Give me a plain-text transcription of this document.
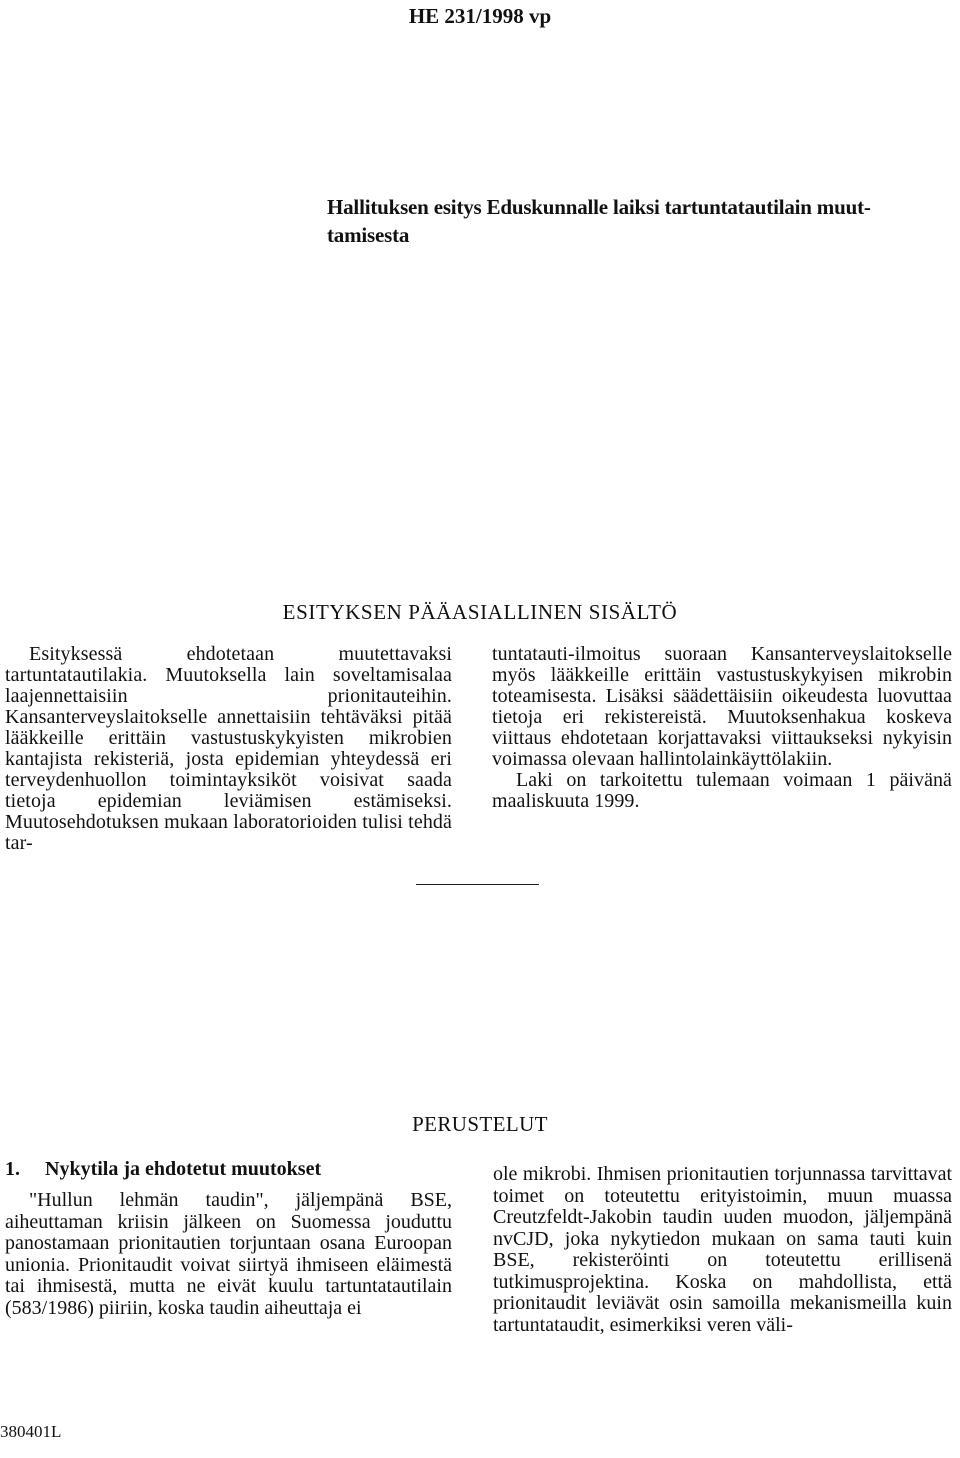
HE 231/1998 vp
Hallituksen esitys Eduskunnalle laiksi tartuntatautilain muut-
tamisesta
ESITYKSEN PÄÄASIALLINEN SISÄLTÖ
Esityksessä ehdotetaan muutettavaksi tartuntatautilakia. Muutoksella lain soveltamisalaa laajennettaisiin prionitauteihin. Kansanterveyslaitokselle annettaisiin tehtäväksi pitää lääkkeille erittäin vastustuskykyisten mikrobien kantajista rekisteriä, josta epidemian yhteydessä eri terveydenhuollon toimintayksiköt voisivat saada tietoja epidemian leviämisen estämiseksi. Muutosehdotuksen mukaan laboratorioiden tulisi tehdä tar-

tuntatauti-ilmoitus suoraan Kansanterveyslaitokselle myös lääkkeille erittäin vastustuskykyisen mikrobin toteamisesta. Lisäksi säädettäisiin oikeudesta luovuttaa tietoja eri rekistereistä. Muutoksenhakua koskeva viittaus ehdotetaan korjattavaksi viittaukseksi nykyisin voimassa olevaan hallintolainkäyttölakiin.

Laki on tarkoitettu tulemaan voimaan 1 päivänä maaliskuuta 1999.

PERUSTELUT
1. Nykytila ja ehdotetut muutokset
"Hullun lehmän taudin", jäljempänä BSE, aiheuttaman kriisin jälkeen on Suomessa jouduttu panostamaan prionitautien torjuntaan osana Euroopan unionia. Prionitaudit voivat siirtyä ihmiseen eläimestä tai ihmisestä, mutta ne eivät kuulu tartuntatautilain (583/1986) piiriin, koska taudin aiheuttaja ei
ole mikrobi. Ihmisen prionitautien torjunnassa tarvittavat toimet on toteutettu erityistoimin, muun muassa Creutzfeldt-Jakobin taudin uuden muodon, jäljempänä nvCJD, joka nykytiedon mukaan on sama tauti kuin BSE, rekisteröinti on toteutettu erillisenä tutkimusprojektina. Koska on mahdollista, että prionitaudit leviävät osin samoilla mekanismeilla kuin tartuntataudit, esimerkiksi veren väli-

380401L
